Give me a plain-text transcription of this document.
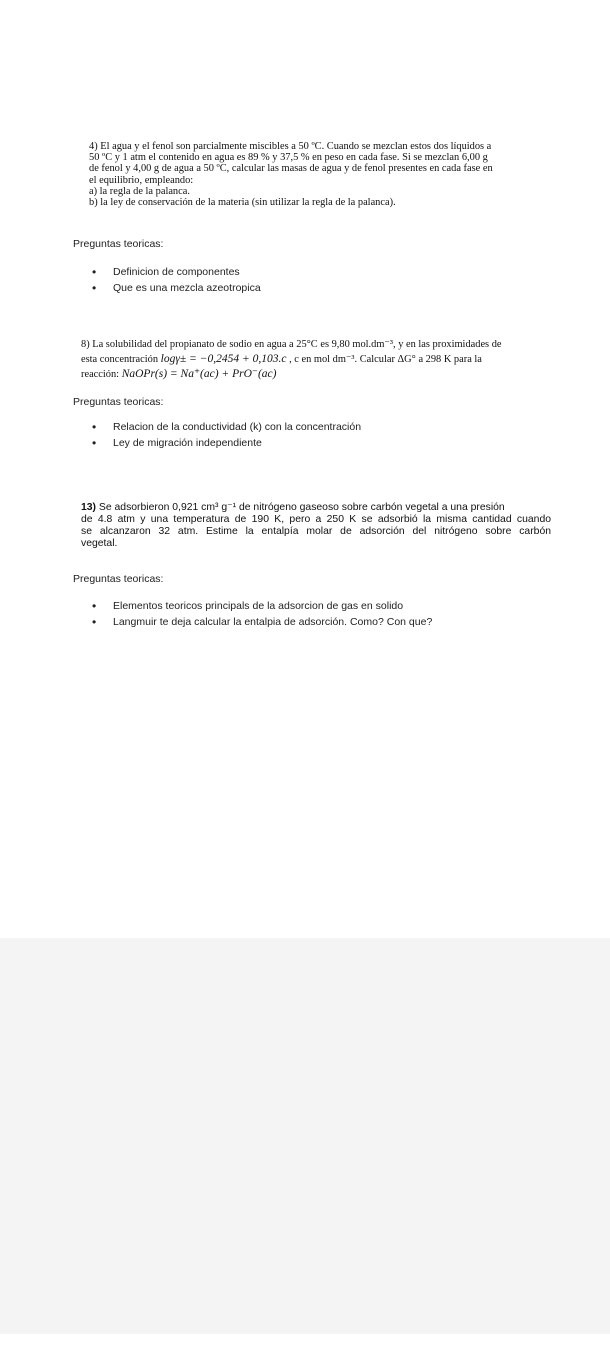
4) El agua y el fenol son parcialmente miscibles a 50 ºC. Cuando se mezclan estos dos líquidos a
50 ºC y 1 atm el contenido en agua es 89 % y 37,5 % en peso en cada fase. Si se mezclan 6,00 g
de fenol y 4,00 g de agua a 50 ºC, calcular las masas de agua y de fenol presentes en cada fase en
el equilibrio, empleando:
a) la regla de la palanca.
b) la ley de conservación de la materia (sin utilizar la regla de la palanca).
Preguntas teoricas:
• Definicion de componentes
• Que es una mezcla azeotropica
8) La solubilidad del propianato de sodio en agua a 25°C es 9,80 mol.dm⁻³, y en las proximidades de
esta concentración logγ± = −0,2454 + 0,103.c , c en mol dm⁻³. Calcular ΔG° a 298 K para la
reacción: NaOPr(s) = Na⁺(ac) + PrO⁻(ac)
Preguntas teoricas:
• Relacion de la conductividad (k) con la concentración
• Ley de migración independiente
13) Se adsorbieron 0,921 cm³ g⁻¹ de nitrógeno gaseoso sobre carbón vegetal a una presión
de 4.8 atm y una temperatura de 190 K, pero a 250 K se adsorbió la misma cantidad cuando
se alcanzaron 32 atm. Estime la entalpía molar de adsorción del nitrógeno sobre carbón
vegetal.
Preguntas teoricas:
• Elementos teoricos principals de la adsorcion de gas en solido
• Langmuir te deja calcular la entalpia de adsorción. Como? Con que?
